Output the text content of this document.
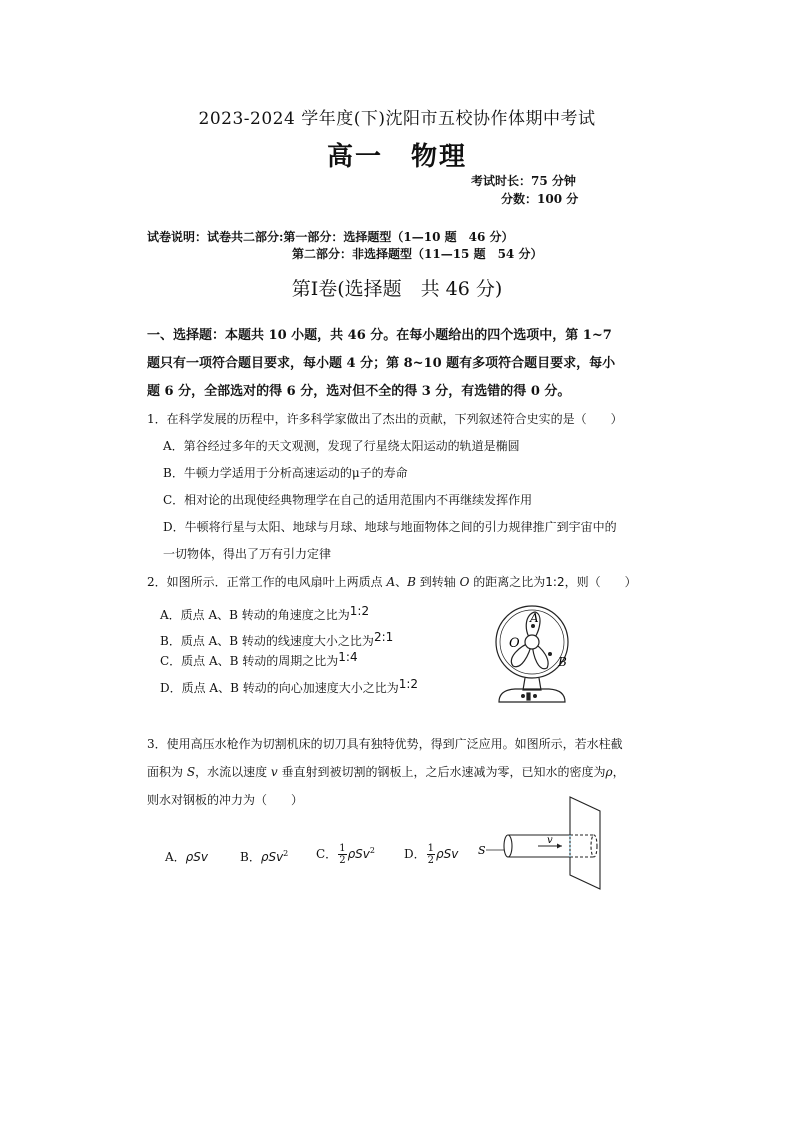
2023-2024 学年度(下)沈阳市五校协作体期中考试
高一　物理
考试时长：75 分钟
分数：100 分
试卷说明：试卷共二部分:第一部分：选择题型（1—10 题　46 分）
第二部分：非选择题型（11—15 题　54 分）
第Ⅰ卷(选择题　共 46 分)
一、选择题：本题共 10 小题，共 46 分。在每小题给出的四个选项中，第 1~7
题只有一项符合题目要求，每小题 4 分；第 8~10 题有多项符合题目要求，每小
题 6 分，全部选对的得 6 分，选对但不全的得 3 分，有选错的得 0 分。
1．在科学发展的历程中，许多科学家做出了杰出的贡献，下列叙述符合史实的是（　　）
A．第谷经过多年的天文观测，发现了行星绕太阳运动的轨道是椭圆
B．牛顿力学适用于分析高速运动的μ子的寿命
C．相对论的出现使经典物理学在自己的适用范围内不再继续发挥作用
D．牛顿将行星与太阳、地球与月球、地球与地面物体之间的引力规律推广到宇宙中的
一切物体，得出了万有引力定律
2．如图所示．正常工作的电风扇叶上两质点 A、B 到转轴 O 的距离之比为1:2，则（　　）
A．质点 A、B 转动的角速度之比为1:2
B．质点 A、B 转动的线速度大小之比为2:1
C．质点 A、B 转动的周期之比为1:4
D．质点 A、B 转动的向心加速度大小之比为1:2
A
O
B
3．使用高压水枪作为切割机床的切刀具有独特优势，得到广泛应用。如图所示，若水柱截
面积为 S，水流以速度 v 垂直射到被切割的钢板上，之后水速减为零，已知水的密度为ρ，
则水对钢板的冲力为（　　）
A．ρSv	B．ρSv$^2$ C． $\frac{1}{2} \rho Sv^2$ D． $\frac{1}{2}$ ρSv S
v
